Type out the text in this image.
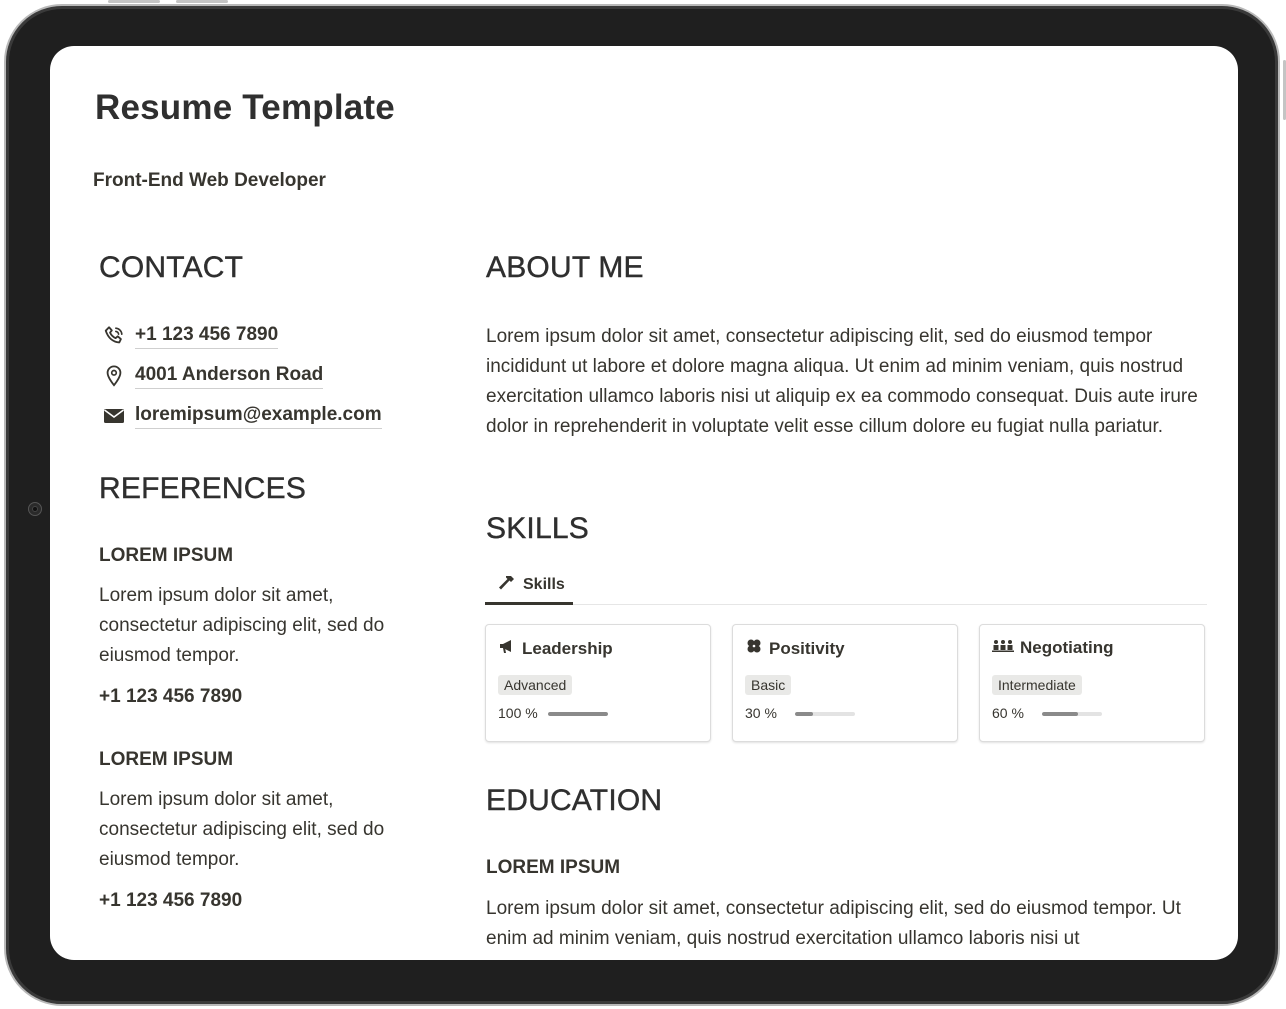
Resume Template
Front-End Web Developer
CONTACT
+1 123 456 7890
4001 Anderson Road
loremipsum@example.com
REFERENCES
LOREM IPSUM
Lorem ipsum dolor sit amet, consectetur adipiscing elit, sed do eiusmod tempor.
+1 123 456 7890
LOREM IPSUM
Lorem ipsum dolor sit amet, consectetur adipiscing elit, sed do eiusmod tempor.
+1 123 456 7890
ABOUT ME
Lorem ipsum dolor sit amet, consectetur adipiscing elit, sed do eiusmod tempor incididunt ut labore et dolore magna aliqua. Ut enim ad minim veniam, quis nostrud exercitation ullamco laboris nisi ut aliquip ex ea commodo consequat. Duis aute irure dolor in reprehenderit in voluptate velit esse cillum dolore eu fugiat nulla pariatur.
SKILLS
Skills
Leadership
Advanced
100 %
Positivity
Basic
30 %
Negotiating
Intermediate
60 %
EDUCATION
LOREM IPSUM
Lorem ipsum dolor sit amet, consectetur adipiscing elit, sed do eiusmod tempor. Ut enim ad minim veniam, quis nostrud exercitation ullamco laboris nisi ut
